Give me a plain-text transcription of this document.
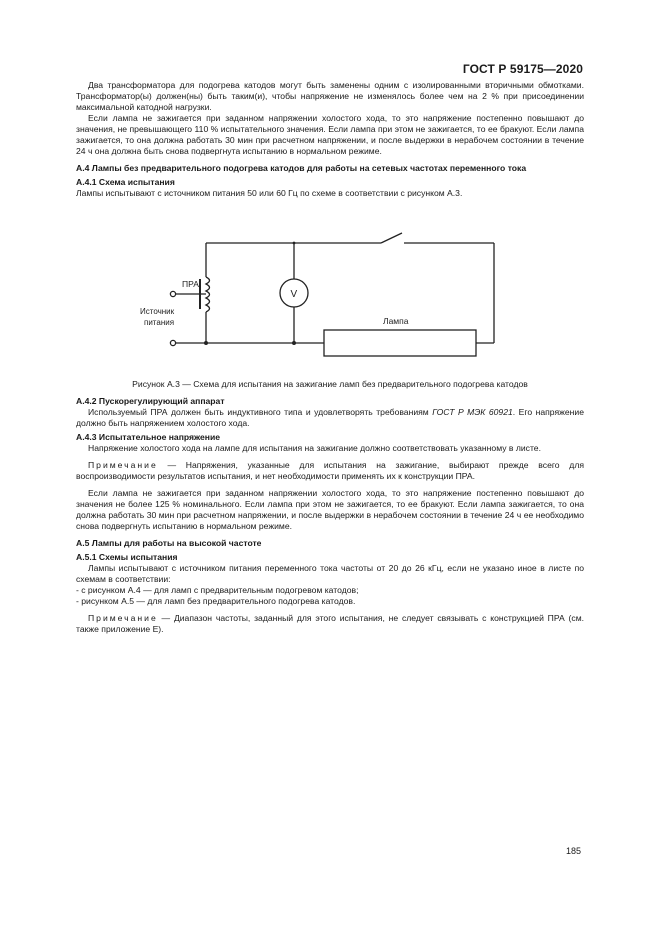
ГОСТ Р 59175—2020

Два трансформатора для подогрева катодов могут быть заменены одним с изолированными вторичными обмотками. Трансформатор(ы) должен(ны) быть таким(и), чтобы напряжение не изменялось более чем на 2 % при присоединении максимальной катодной нагрузки.

Если лампа не зажигается при заданном напряжении холостого хода, то это напряжение постепенно повышают до значения, не превышающего 110 % испытательного значения. Если лампа при этом не зажигается, то ее бракуют. Если лампа зажигается, то она должна работать 30 мин при расчетном напряжении, и после выдержки в нерабочем состоянии в течение 24 ч она должна быть снова подвергнута испытанию в нормальном режиме.

А.4 Лампы без предварительного подогрева катодов для работы на сетевых частотах переменного тока

А.4.1 Схема испытания

Лампы испытывают с источником питания 50 или 60 Гц по схеме в соответствии с рисунком А.3.

ПРА
Источник
питания
V
Лампа

Рисунок А.3 — Схема для испытания на зажигание ламп без предварительного подогрева катодов

А.4.2 Пускорегулирующий аппарат

Используемый ПРА должен быть индуктивного типа и удовлетворять требованиям ГОСТ Р МЭК 60921. Его напряжение должно быть напряжением холостого хода.

А.4.3 Испытательное напряжение

Напряжение холостого хода на лампе для испытания на зажигание должно соответствовать указанному в листе.

Примечание — Напряжения, указанные для испытания на зажигание, выбирают прежде всего для воспроизводимости результатов испытания, и нет необходимости применять их к конструкции ПРА.

Если лампа не зажигается при заданном напряжении холостого хода, то это напряжение постепенно повышают до значения не более 125 % номинального. Если лампа при этом не зажигается, то ее бракуют. Если лампа зажигается, то она должна работать 30 мин при расчетном напряжении, и после выдержки в нерабочем состоянии в течение 24 ч ее необходимо снова подвергнуть испытанию в нормальном режиме.

А.5 Лампы для работы на высокой частоте

А.5.1 Схемы испытания

Лампы испытывают с источником питания переменного тока частоты от 20 до 26 кГц, если не указано иное в листе по схемам в соответствии:

- с рисунком А.4 — для ламп с предварительным подогревом катодов;

- рисунком А.5 — для ламп без предварительного подогрева катодов.

Примечание — Диапазон частоты, заданный для этого испытания, не следует связывать с конструкцией ПРА (см. также приложение Е).

185
